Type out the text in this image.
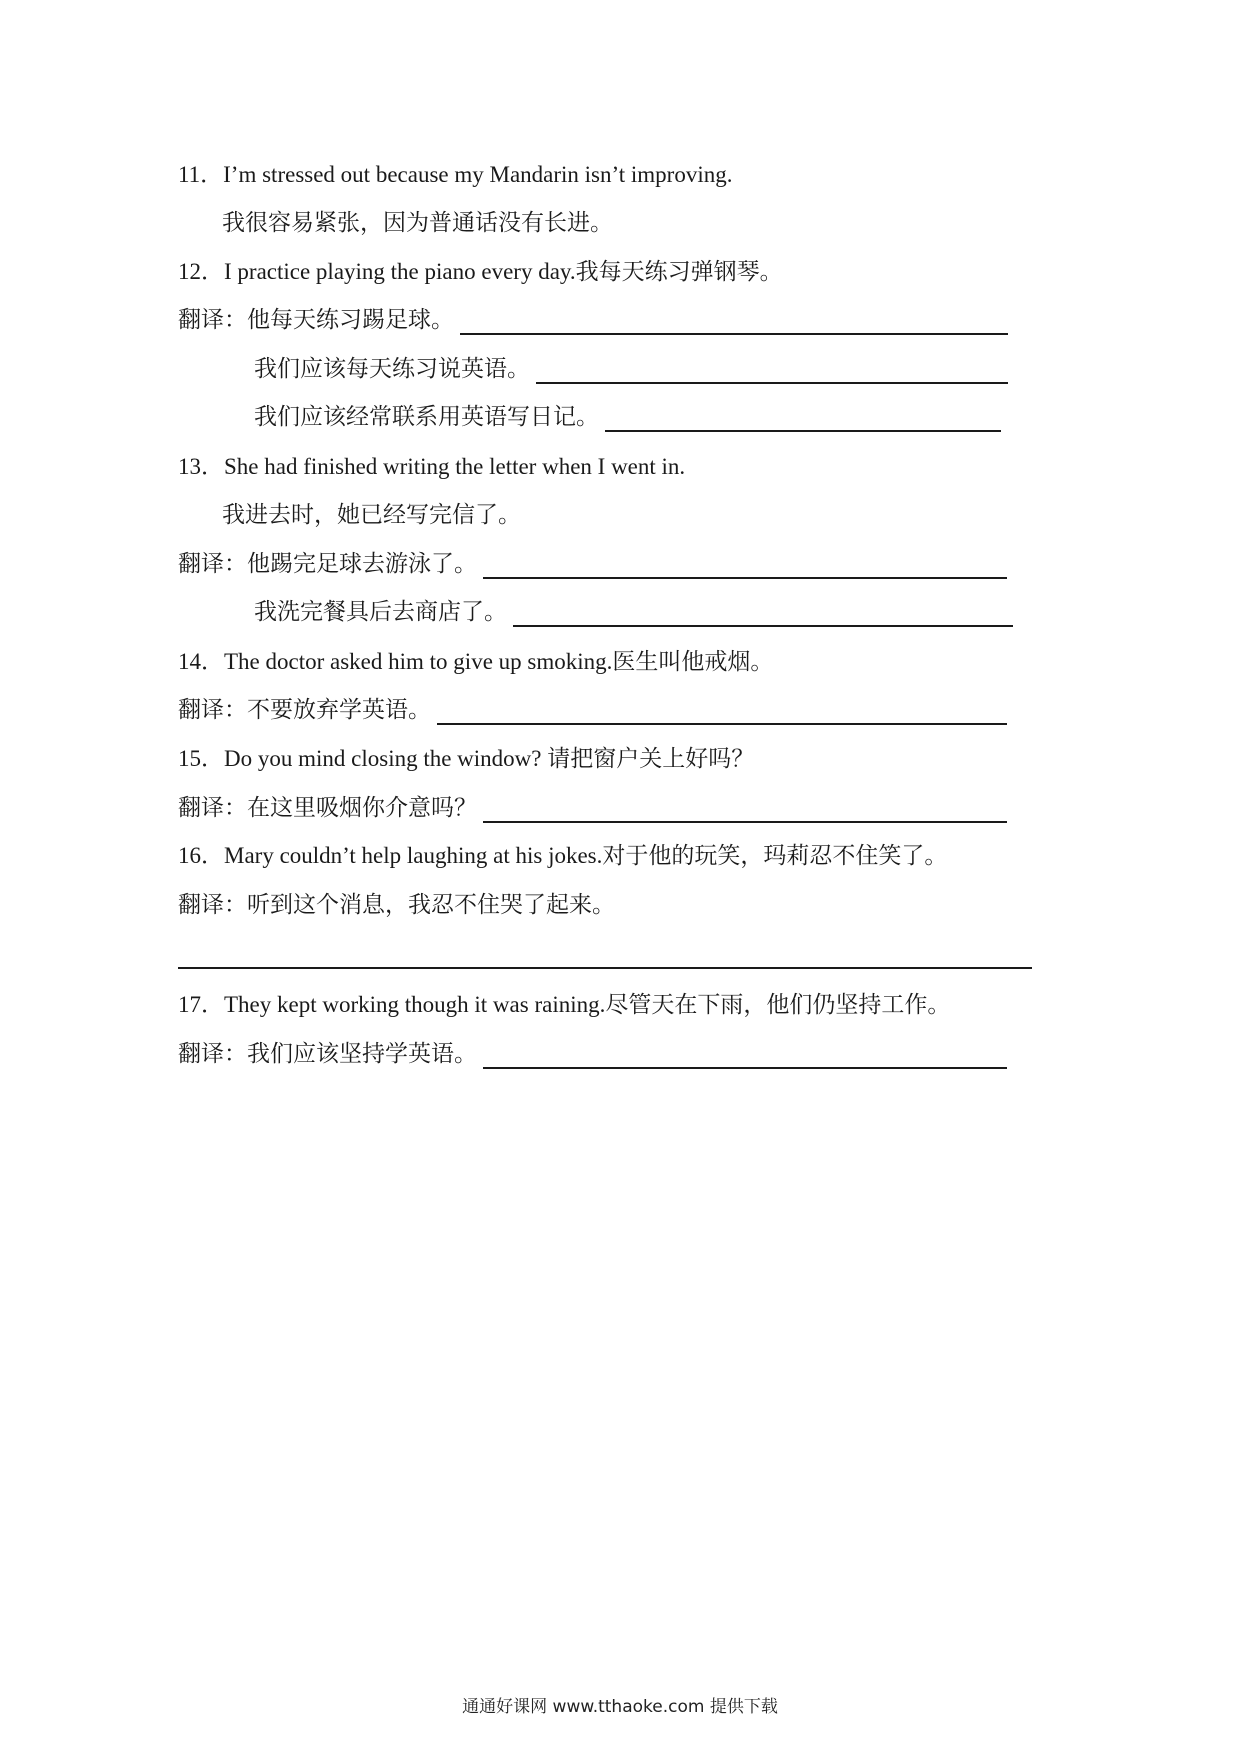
11．I’m stressed out because my Mandarin isn’t improving.
我很容易紧张，因为普通话没有长进。
12．I practice playing the piano every day.我每天练习弹钢琴。
翻译： 他每天练习踢足球。
我们应该每天练习说英语。
我们应该经常联系用英语写日记。
13．She had finished writing the letter when I went in.
我进去时，她已经写完信了。
翻译： 他踢完足球去游泳了。
我洗完餐具后去商店了。
14．The doctor asked him to give up smoking.医生叫他戒烟。
翻译： 不要放弃学英语。
15．Do you mind closing the window? 请把窗户关上好吗？
翻译： 在这里吸烟你介意吗？
16．Mary couldn’t help laughing at his jokes.对于他的玩笑，玛莉忍不住笑了。
翻译： 听到这个消息，我忍不住哭了起来。
17．They kept working though it was raining.尽管天在下雨，他们仍坚持工作。
翻译： 我们应该坚持学英语。
通通好课网 www.tthaoke.com 提供下载
